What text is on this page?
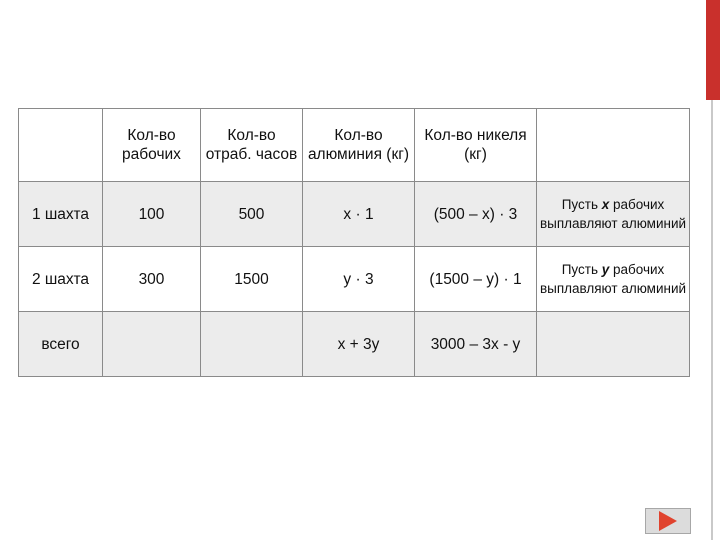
	Кол-во рабочих	Кол-во отраб. часов	Кол-во алюминия (кг)	Кол-во никеля (кг)	
1 шахта	100	500	x · 1	(500 – x) · 3	Пусть x рабочих выплавляют алюминий
2 шахта	300	1500	y · 3	(1500 – y) · 1	Пусть y рабочих выплавляют алюминий
всего			x + 3y	3000 – 3x - y	
